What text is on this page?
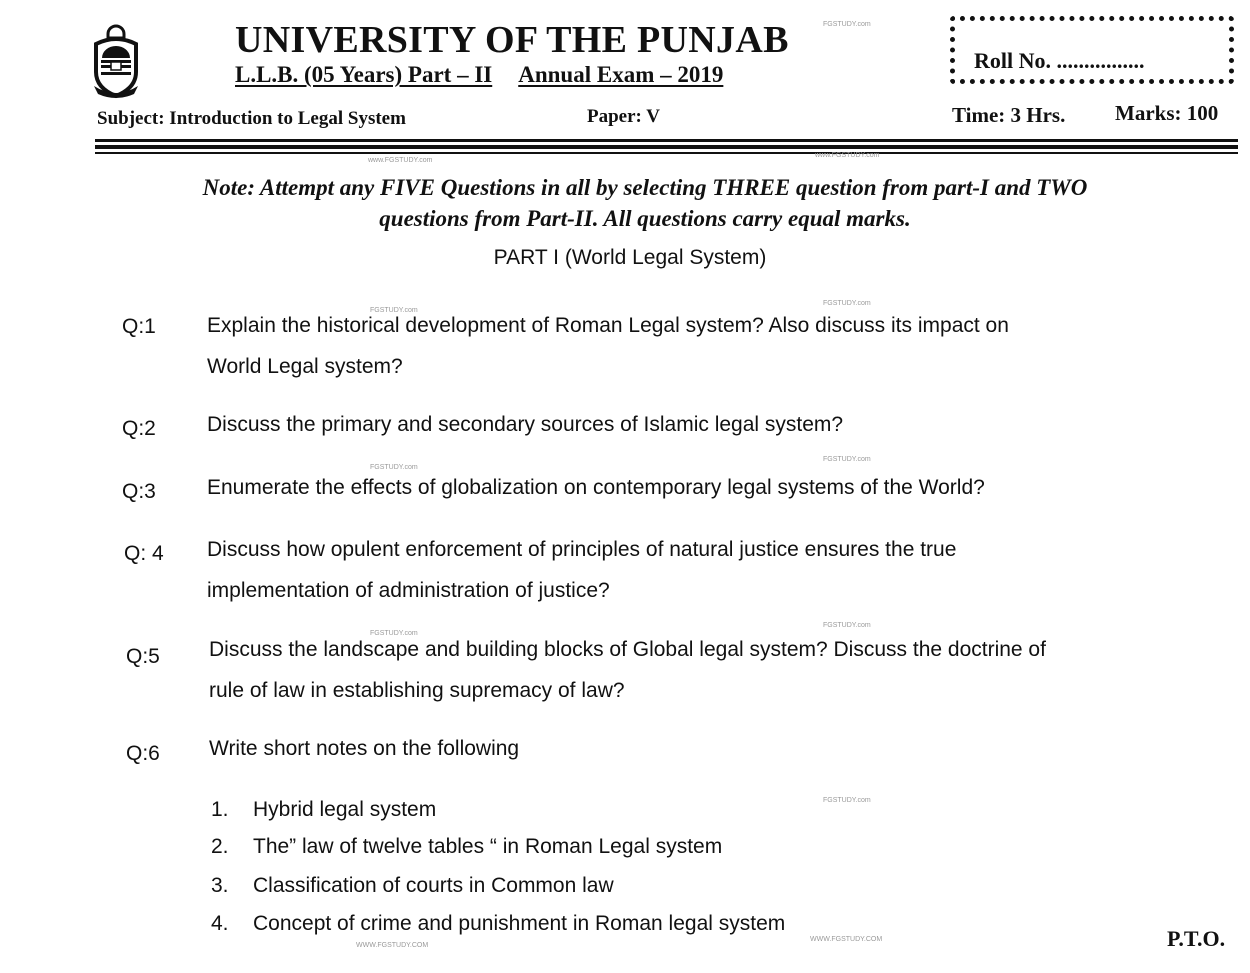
UNIVERSITY OF THE PUNJAB	FGSTUDY.com
L.L.B. (05 Years) Part – II Annual Exam – 2019
Roll No. ................
Subject: Introduction to Legal System	Paper: V	Time: 3 Hrs. Marks: 100
www.FGSTUDY.com
www.FGSTUDY.com
Note: Attempt any FIVE Questions in all by selecting THREE question from part-I and TWO
questions from Part-II. All questions carry equal marks.
PART I (World Legal System)
Q:1 Explain the historical development of Roman Legal system? Also discuss its impact on
World Legal system?
FGSTUDY.com
FGSTUDY.com
Q:2 Discuss the primary and secondary sources of Islamic legal system?
FGSTUDY.com
FGSTUDY.com
Q:3 Enumerate the effects of globalization on contemporary legal systems of the World?
Q: 4 Discuss how opulent enforcement of principles of natural justice ensures the true
implementation of administration of justice?
FGSTUDY.com
FGSTUDY.com
Q:5 Discuss the landscape and building blocks of Global legal system? Discuss the doctrine of
rule of law in establishing supremacy of law?
Q:6 Write short notes on the following
FGSTUDY.com
1. Hybrid legal system
2. The” law of twelve tables “ in Roman Legal system
3. Classification of courts in Common law
4. Concept of crime and punishment in Roman legal system
WWW.FGSTUDY.COM
WWW.FGSTUDY.COM	P.T.O.
